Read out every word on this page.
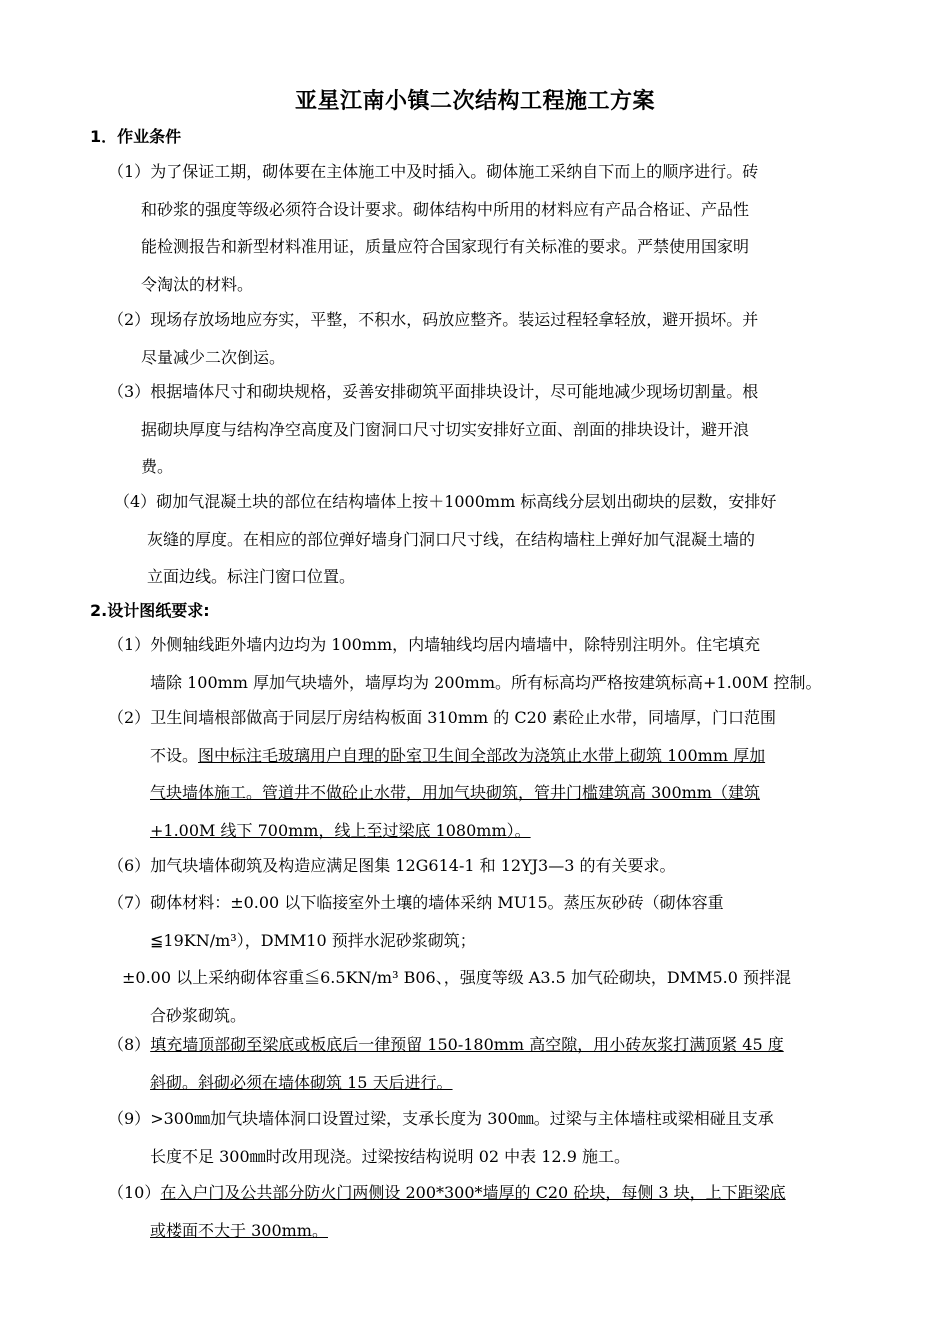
亚星江南小镇二次结构工程施工方案
1．作业条件
（1）为了保证工期，砌体要在主体施工中及时插入。砌体施工采纳自下而上的顺序进行。砖
和砂浆的强度等级必须符合设计要求。砌体结构中所用的材料应有产品合格证、产品性
能检测报告和新型材料准用证，质量应符合国家现行有关标准的要求。严禁使用国家明
令淘汰的材料。
（2）现场存放场地应夯实，平整，不积水，码放应整齐。装运过程轻拿轻放，避开损坏。并
尽量减少二次倒运。
（3）根据墙体尺寸和砌块规格，妥善安排砌筑平面排块设计，尽可能地减少现场切割量。根
据砌块厚度与结构净空高度及门窗洞口尺寸切实安排好立面、剖面的排块设计，避开浪
费。
（4）砌加气混凝土块的部位在结构墙体上按＋1000mm 标高线分层划出砌块的层数，安排好
灰缝的厚度。在相应的部位弹好墙身门洞口尺寸线，在结构墙柱上弹好加气混凝土墙的
立面边线。标注门窗口位置。
2.设计图纸要求:
（1）外侧轴线距外墙内边均为 100mm，内墙轴线均居内墙墙中，除特别注明外。住宅填充
墙除 100mm 厚加气块墙外，墙厚均为 200mm。所有标高均严格按建筑标高+1.00M 控制。
（2）卫生间墙根部做高于同层厅房结构板面 310mm 的 C20 素砼止水带，同墙厚，门口范围
不设。图中标注毛玻璃用户自理的卧室卫生间全部改为浇筑止水带上砌筑 100mm 厚加
气块墙体施工。管道井不做砼止水带，用加气块砌筑，管井门槛建筑高 300mm（建筑
+1.00M 线下 700mm，线上至过梁底 1080mm）。
（6）加气块墙体砌筑及构造应满足图集 12G614-1 和 12YJ3—3 的有关要求。
（7）砌体材料：±0.00 以下临接室外土壤的墙体采纳 MU15。蒸压灰砂砖（砌体容重
≦19KN/m³），DMM10 预拌水泥砂浆砌筑；
±0.00 以上采纳砌体容重≦6.5KN/m³ B06、，强度等级 A3.5 加气砼砌块，DMM5.0 预拌混
合砂浆砌筑。
（8）填充墙顶部砌至梁底或板底后一律预留 150-180mm 高空隙，用小砖灰浆打满顶紧 45 度
斜砌。斜砌必须在墙体砌筑 15 天后进行。
（9）>300㎜加气块墙体洞口设置过梁，支承长度为 300㎜。过梁与主体墙柱或梁相碰且支承
长度不足 300㎜时改用现浇。过梁按结构说明 02 中表 12.9 施工。
（10）在入户门及公共部分防火门两侧设 200*300*墙厚的 C20 砼块，每侧 3 块，上下距梁底
或楼面不大于 300mm。
